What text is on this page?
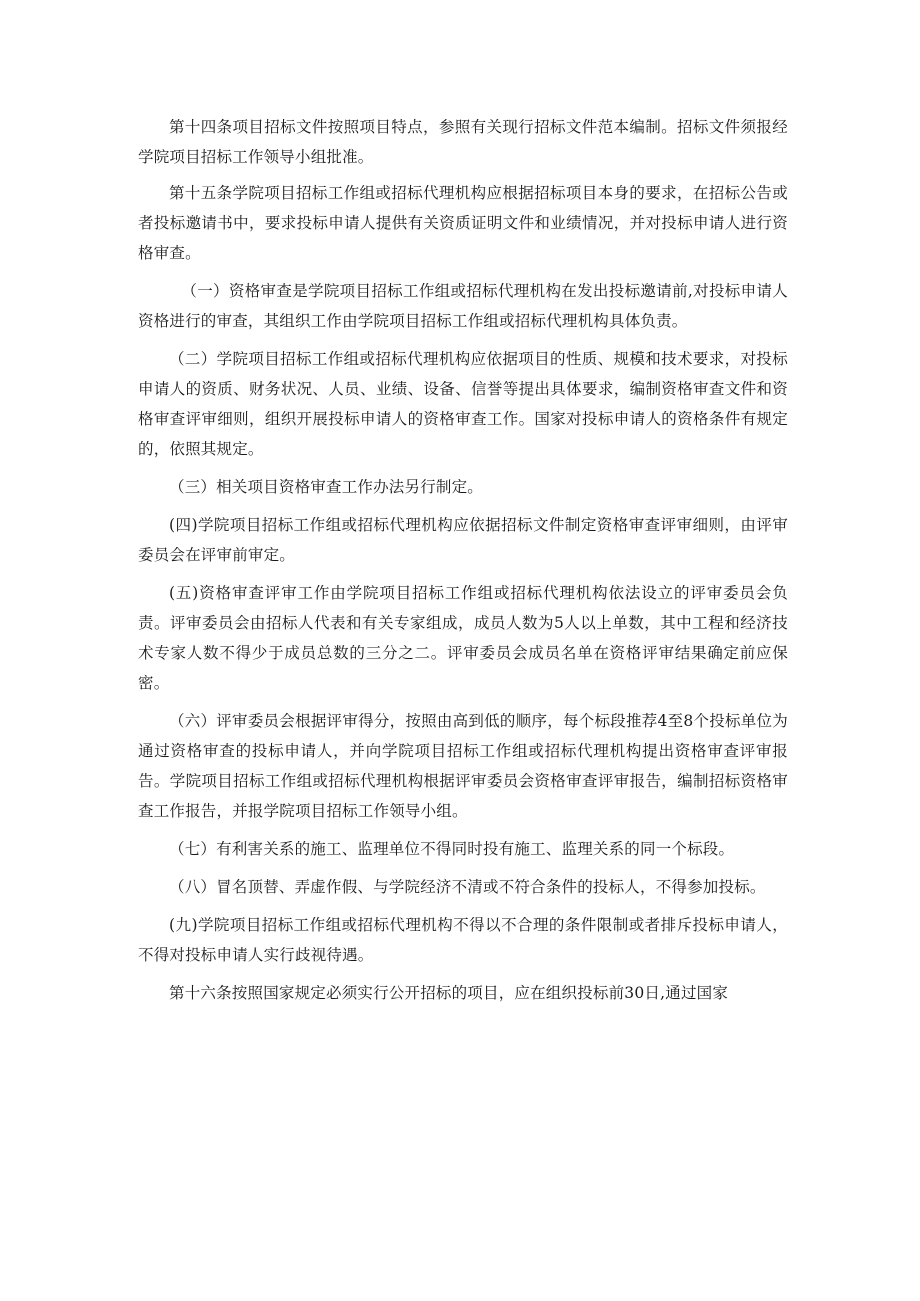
第十四条项目招标文件按照项目特点，参照有关现行招标文件范本编制。招标文件须报经学院项目招标工作领导小组批准。

第十五条学院项目招标工作组或招标代理机构应根据招标项目本身的要求，在招标公告或者投标邀请书中，要求投标申请人提供有关资质证明文件和业绩情况，并对投标申请人进行资格审查。

（一）资格审查是学院项目招标工作组或招标代理机构在发出投标邀请前,对投标申请人资格进行的审查，其组织工作由学院项目招标工作组或招标代理机构具体负责。

（二）学院项目招标工作组或招标代理机构应依据项目的性质、规模和技术要求，对投标申请人的资质、财务状况、人员、业绩、设备、信誉等提出具体要求，编制资格审查文件和资格审查评审细则，组织开展投标申请人的资格审查工作。国家对投标申请人的资格条件有规定的，依照其规定。

（三）相关项目资格审查工作办法另行制定。

(四)学院项目招标工作组或招标代理机构应依据招标文件制定资格审查评审细则，由评审委员会在评审前审定。

(五)资格审查评审工作由学院项目招标工作组或招标代理机构依法设立的评审委员会负责。评审委员会由招标人代表和有关专家组成，成员人数为5人以上单数，其中工程和经济技术专家人数不得少于成员总数的三分之二。评审委员会成员名单在资格评审结果确定前应保密。

（六）评审委员会根据评审得分，按照由高到低的顺序，每个标段推荐4至8个投标单位为通过资格审查的投标申请人，并向学院项目招标工作组或招标代理机构提出资格审查评审报告。学院项目招标工作组或招标代理机构根据评审委员会资格审查评审报告，编制招标资格审查工作报告，并报学院项目招标工作领导小组。

（七）有利害关系的施工、监理单位不得同时投有施工、监理关系的同一个标段。

（八）冒名顶替、弄虚作假、与学院经济不清或不符合条件的投标人，不得参加投标。

(九)学院项目招标工作组或招标代理机构不得以不合理的条件限制或者排斥投标申请人，不得对投标申请人实行歧视待遇。

第十六条按照国家规定必须实行公开招标的项目，应在组织投标前30日,通过国家
